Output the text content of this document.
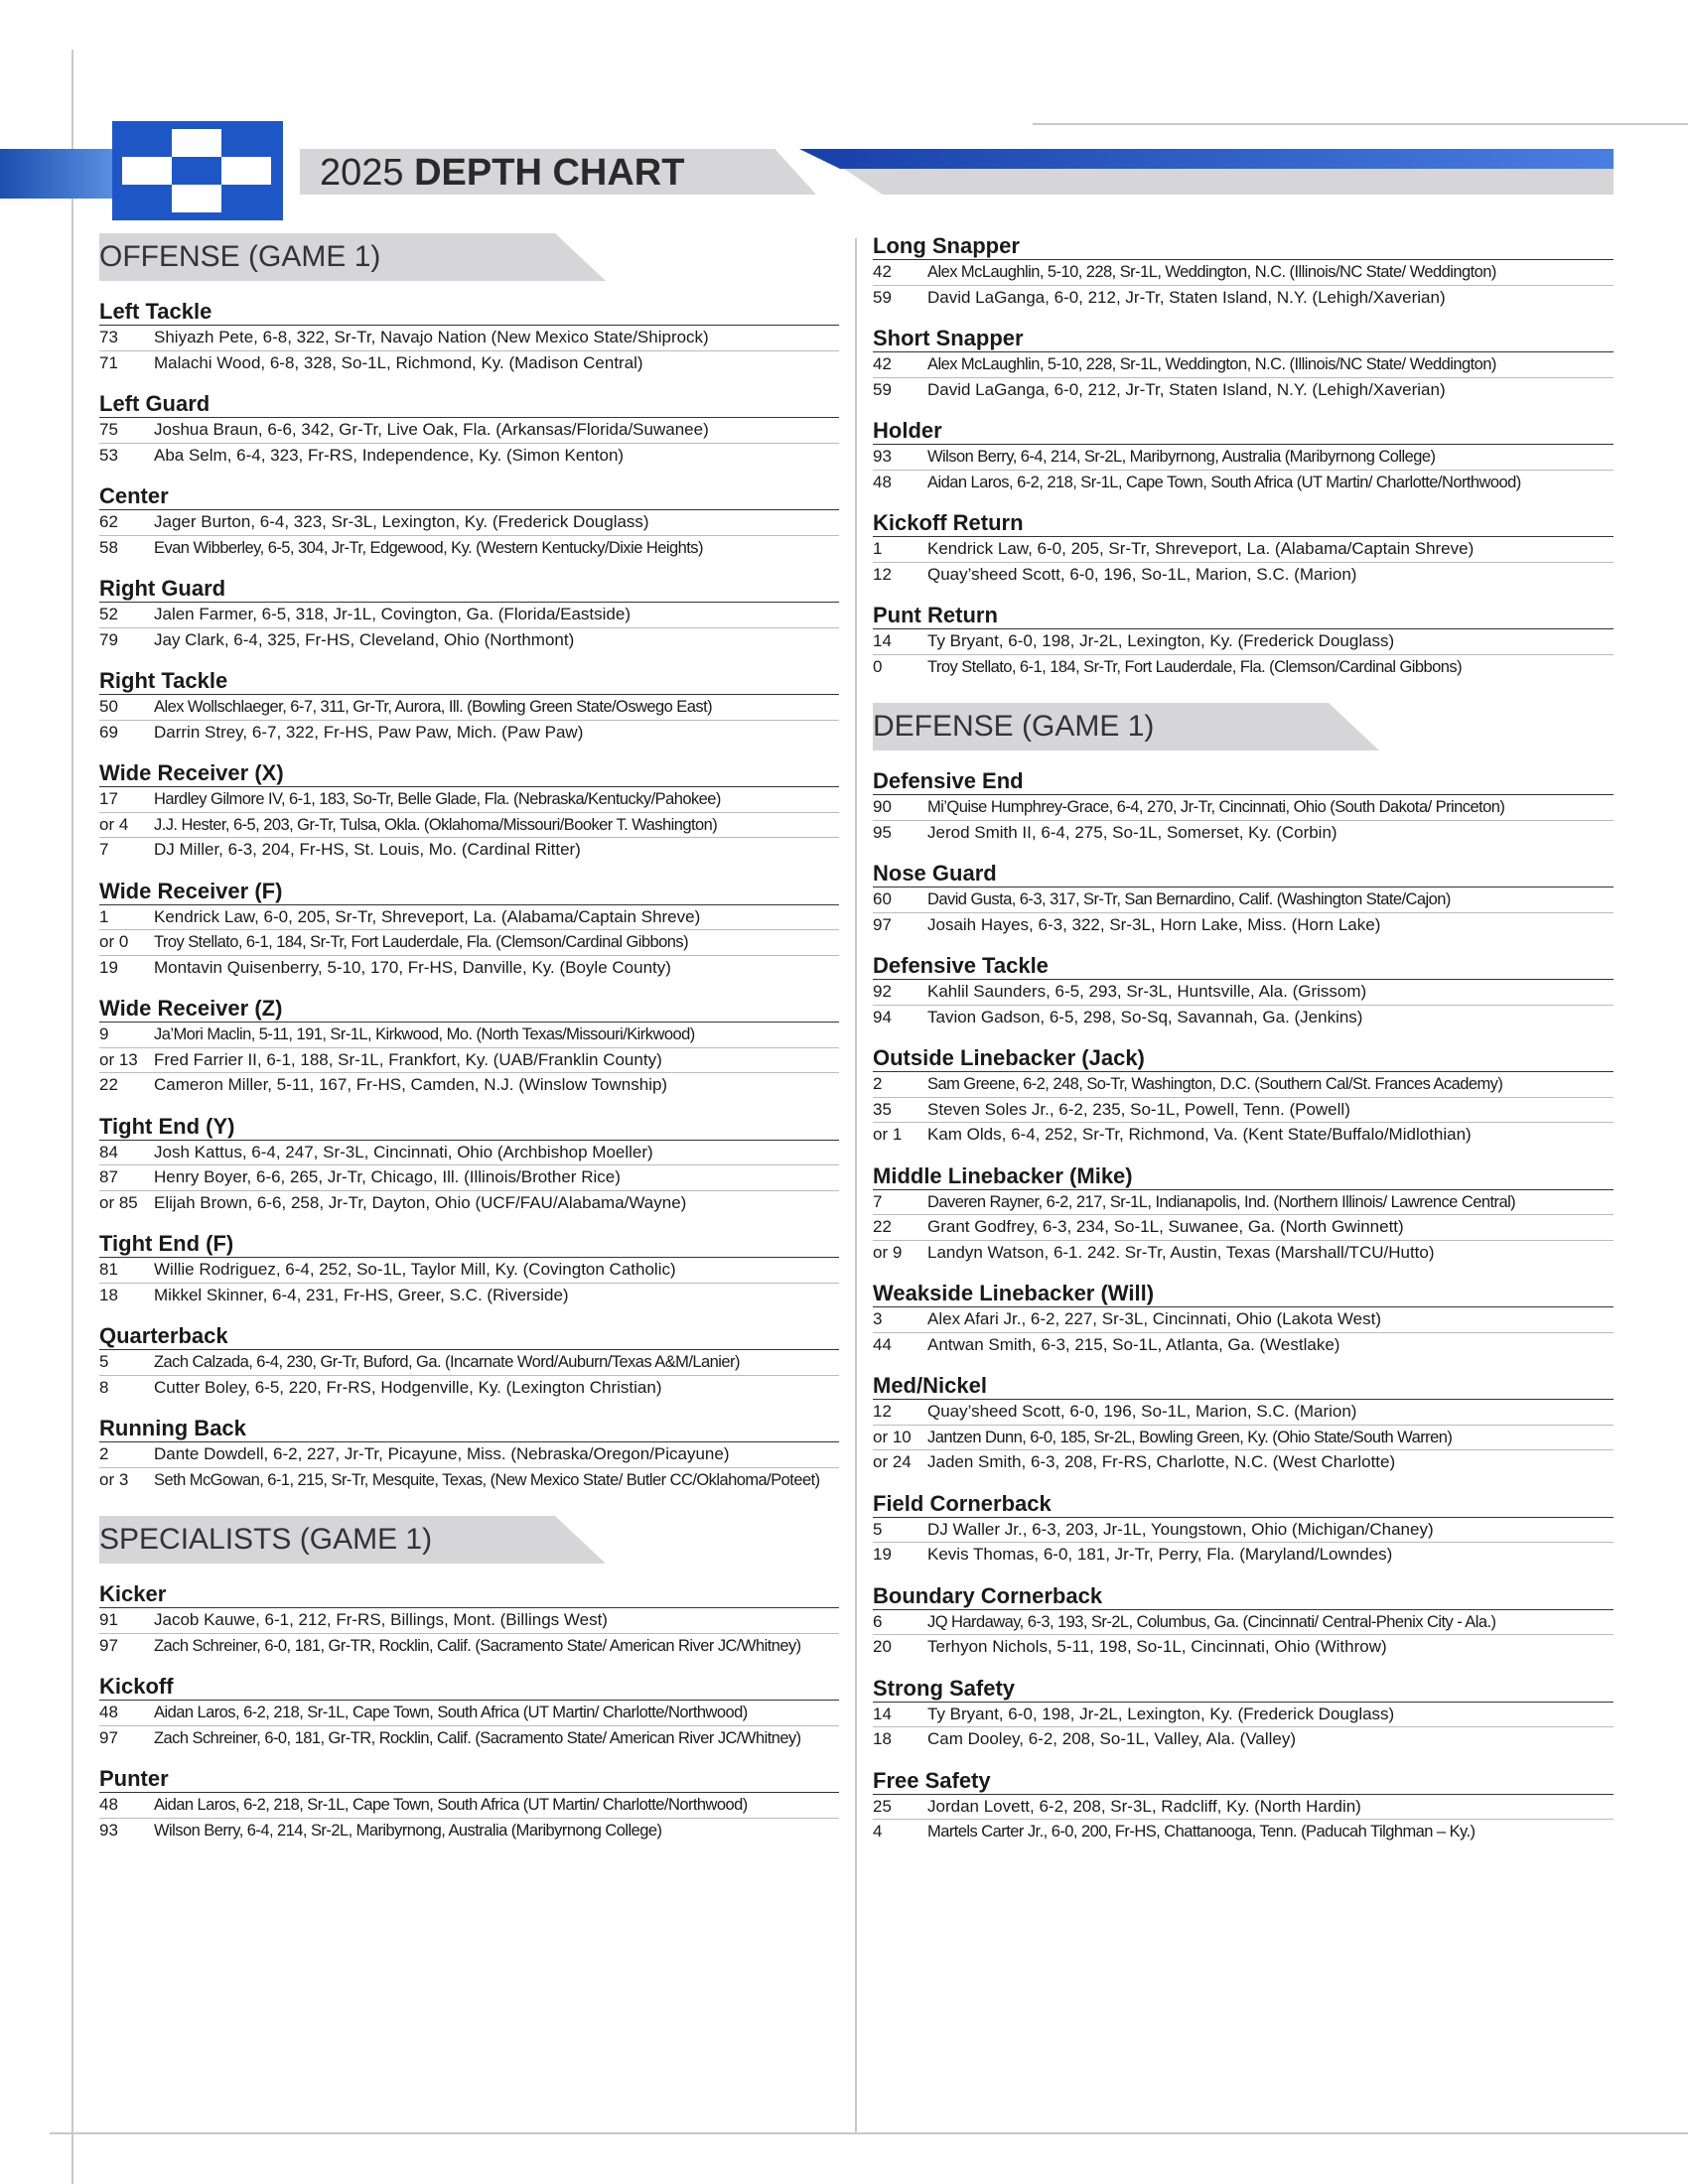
2025 DEPTH CHART
OFFENSE (GAME 1)
Left Tackle
73	Shiyazh Pete, 6-8, 322, Sr-Tr, Navajo Nation (New Mexico State/Shiprock)
71	Malachi Wood, 6-8, 328, So-1L, Richmond, Ky. (Madison Central)
Left Guard
75	Joshua Braun, 6-6, 342, Gr-Tr, Live Oak, Fla. (Arkansas/Florida/Suwanee)
53	Aba Selm, 6-4, 323, Fr-RS, Independence, Ky. (Simon Kenton)
Center
62	Jager Burton, 6-4, 323, Sr-3L, Lexington, Ky. (Frederick Douglass)
58	Evan Wibberley, 6-5, 304, Jr-Tr, Edgewood, Ky. (Western Kentucky/Dixie Heights)
Right Guard
52	Jalen Farmer, 6-5, 318, Jr-1L, Covington, Ga. (Florida/Eastside)
79	Jay Clark, 6-4, 325, Fr-HS, Cleveland, Ohio (Northmont)
Right Tackle
50	Alex Wollschlaeger, 6-7, 311, Gr-Tr, Aurora, Ill. (Bowling Green State/Oswego East)
69	Darrin Strey, 6-7, 322, Fr-HS, Paw Paw, Mich. (Paw Paw)
Wide Receiver (X)
17	Hardley Gilmore IV, 6-1, 183, So-Tr, Belle Glade, Fla. (Nebraska/Kentucky/Pahokee)
or 4	J.J. Hester, 6-5, 203, Gr-Tr, Tulsa, Okla. (Oklahoma/Missouri/Booker T. Washington)
7	DJ Miller, 6-3, 204, Fr-HS, St. Louis, Mo. (Cardinal Ritter)
Wide Receiver (F)
1	Kendrick Law, 6-0, 205, Sr-Tr, Shreveport, La. (Alabama/Captain Shreve)
or 0	Troy Stellato, 6-1, 184, Sr-Tr, Fort Lauderdale, Fla. (Clemson/Cardinal Gibbons)
19	Montavin Quisenberry, 5-10, 170, Fr-HS, Danville, Ky. (Boyle County)
Wide Receiver (Z)
9	Ja’Mori Maclin, 5-11, 191, Sr-1L, Kirkwood, Mo. (North Texas/Missouri/Kirkwood)
or 13 Fred Farrier II, 6-1, 188, Sr-1L, Frankfort, Ky. (UAB/Franklin County)
22	Cameron Miller, 5-11, 167, Fr-HS, Camden, N.J. (Winslow Township)
Tight End (Y)
84	Josh Kattus, 6-4, 247, Sr-3L, Cincinnati, Ohio (Archbishop Moeller)
87	Henry Boyer, 6-6, 265, Jr-Tr, Chicago, Ill. (Illinois/Brother Rice)
or 85 Elijah Brown, 6-6, 258, Jr-Tr, Dayton, Ohio (UCF/FAU/Alabama/Wayne)
Tight End (F)
81	Willie Rodriguez, 6-4, 252, So-1L, Taylor Mill, Ky. (Covington Catholic)
18	Mikkel Skinner, 6-4, 231, Fr-HS, Greer, S.C. (Riverside)
Quarterback
5	Zach Calzada, 6-4, 230, Gr-Tr, Buford, Ga. (Incarnate Word/Auburn/Texas A&M/Lanier)
8	Cutter Boley, 6-5, 220, Fr-RS, Hodgenville, Ky. (Lexington Christian)
Running Back
2	Dante Dowdell, 6-2, 227, Jr-Tr, Picayune, Miss. (Nebraska/Oregon/Picayune)
or 3	Seth McGowan, 6-1, 215, Sr-Tr, Mesquite, Texas, (New Mexico State/ Butler CC/Oklahoma/Poteet)
SPECIALISTS (GAME 1)
Kicker
91	Jacob Kauwe, 6-1, 212, Fr-RS, Billings, Mont. (Billings West)
97	Zach Schreiner, 6-0, 181, Gr-TR, Rocklin, Calif. (Sacramento State/ American River JC/Whitney)
Kickoff
48	Aidan Laros, 6-2, 218, Sr-1L, Cape Town, South Africa (UT Martin/ Charlotte/Northwood)
97	Zach Schreiner, 6-0, 181, Gr-TR, Rocklin, Calif. (Sacramento State/ American River JC/Whitney)
Punter
48	Aidan Laros, 6-2, 218, Sr-1L, Cape Town, South Africa (UT Martin/ Charlotte/Northwood)
93	Wilson Berry, 6-4, 214, Sr-2L, Maribyrnong, Australia (Maribyrnong College)
Long Snapper
42	Alex McLaughlin, 5-10, 228, Sr-1L, Weddington, N.C. (Illinois/NC State/ Weddington)
59	David LaGanga, 6-0, 212, Jr-Tr, Staten Island, N.Y. (Lehigh/Xaverian)
Short Snapper
42	Alex McLaughlin, 5-10, 228, Sr-1L, Weddington, N.C. (Illinois/NC State/ Weddington)
59	David LaGanga, 6-0, 212, Jr-Tr, Staten Island, N.Y. (Lehigh/Xaverian)
Holder
93	Wilson Berry, 6-4, 214, Sr-2L, Maribyrnong, Australia (Maribyrnong College)
48	Aidan Laros, 6-2, 218, Sr-1L, Cape Town, South Africa (UT Martin/ Charlotte/Northwood)
Kickoff Return
1	Kendrick Law, 6-0, 205, Sr-Tr, Shreveport, La. (Alabama/Captain Shreve)
12	Quay’sheed Scott, 6-0, 196, So-1L, Marion, S.C. (Marion)
Punt Return
14	Ty Bryant, 6-0, 198, Jr-2L, Lexington, Ky. (Frederick Douglass)
0	Troy Stellato, 6-1, 184, Sr-Tr, Fort Lauderdale, Fla. (Clemson/Cardinal Gibbons)
DEFENSE (GAME 1)
Defensive End
90	Mi’Quise Humphrey-Grace, 6-4, 270, Jr-Tr, Cincinnati, Ohio (South Dakota/ Princeton)
95	Jerod Smith II, 6-4, 275, So-1L, Somerset, Ky. (Corbin)
Nose Guard
60	David Gusta, 6-3, 317, Sr-Tr, San Bernardino, Calif. (Washington State/Cajon)
97	Josaih Hayes, 6-3, 322, Sr-3L, Horn Lake, Miss. (Horn Lake)
Defensive Tackle
92	Kahlil Saunders, 6-5, 293, Sr-3L, Huntsville, Ala. (Grissom)
94	Tavion Gadson, 6-5, 298, So-Sq, Savannah, Ga. (Jenkins)
Outside Linebacker (Jack)
2	Sam Greene, 6-2, 248, So-Tr, Washington, D.C. (Southern Cal/St. Frances Academy)
35	Steven Soles Jr., 6-2, 235, So-1L, Powell, Tenn. (Powell)
or 1	Kam Olds, 6-4, 252, Sr-Tr, Richmond, Va. (Kent State/Buffalo/Midlothian)
Middle Linebacker (Mike)
7	Daveren Rayner, 6-2, 217, Sr-1L, Indianapolis, Ind. (Northern Illinois/ Lawrence Central)
22	Grant Godfrey, 6-3, 234, So-1L, Suwanee, Ga. (North Gwinnett)
or 9	Landyn Watson, 6-1. 242. Sr-Tr, Austin, Texas (Marshall/TCU/Hutto)
Weakside Linebacker (Will)
3	Alex Afari Jr., 6-2, 227, Sr-3L, Cincinnati, Ohio (Lakota West)
44	Antwan Smith, 6-3, 215, So-1L, Atlanta, Ga. (Westlake)
Med/Nickel
12	Quay’sheed Scott, 6-0, 196, So-1L, Marion, S.C. (Marion)
or 10 Jantzen Dunn, 6-0, 185, Sr-2L, Bowling Green, Ky. (Ohio State/South Warren)
or 24 Jaden Smith, 6-3, 208, Fr-RS, Charlotte, N.C. (West Charlotte)
Field Cornerback
5	DJ Waller Jr., 6-3, 203, Jr-1L, Youngstown, Ohio (Michigan/Chaney)
19	Kevis Thomas, 6-0, 181, Jr-Tr, Perry, Fla. (Maryland/Lowndes)
Boundary Cornerback
6	JQ Hardaway, 6-3, 193, Sr-2L, Columbus, Ga. (Cincinnati/ Central-Phenix City - Ala.)
20	Terhyon Nichols, 5-11, 198, So-1L, Cincinnati, Ohio (Withrow)
Strong Safety
14	Ty Bryant, 6-0, 198, Jr-2L, Lexington, Ky. (Frederick Douglass)
18	Cam Dooley, 6-2, 208, So-1L, Valley, Ala. (Valley)
Free Safety
25	Jordan Lovett, 6-2, 208, Sr-3L, Radcliff, Ky. (North Hardin)
4	Martels Carter Jr., 6-0, 200, Fr-HS, Chattanooga, Tenn. (Paducah Tilghman – Ky.)
